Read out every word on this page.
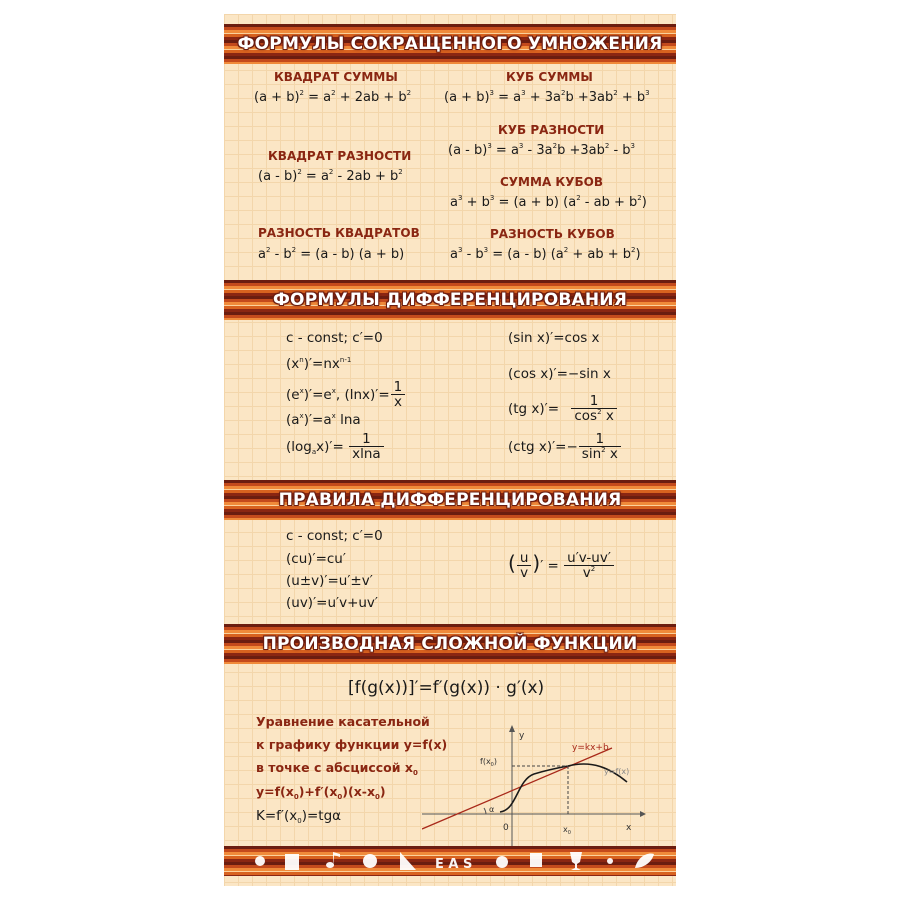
ФОРМУЛЫ СОКРАЩЕННОГО УМНОЖЕНИЯ
КВАДРАТ СУММЫ
$(a + b)^2 = a^2 + 2ab + b^2$
КУБ СУММЫ
$(a + b)^3 = a^3 + 3a^2b +3ab^2 + b^3$
КУБ РАЗНОСТИ
$(a - b)^3 = a^3 - 3a^2b +3ab^2 - b^3$
КВАДРАТ РАЗНОСТИ
$(a - b)^2 = a^2 - 2ab + b^2$
СУММА КУБОВ
$a^3 + b^3 = (a + b)$ ($a^2$ - ab + $b^2$)
РАЗНОСТЬ КВАДРАТОВ
$a^2 - b^2 = (a - b) (a + b)$
РАЗНОСТЬ КУБОВ
$a^3 - b^3 = (a - b) (a^2$ + ab + $b^2$)
ФОРМУЛЫ ДИФФЕРЕНЦИРОВАНИЯ
c - const; c′=0
$(x^n)'=nx^{n-1}$
$(e^x)'=e^x$, $(\ln x)'= \frac{1}{x}$
$(a^x)'=a^x$ lna
$(\log_ax)'= \frac{1}{xlna}$
(sin x)′=cos x
(cos x)′=−sin x
(tg $x)'= \frac{1}{\cos^2 x}$
(ctg $x)'=- \frac{1}{\sin^2 x}$
ПРАВИЛА ДИФФЕРЕНЦИРОВАНИЯ
c - const; c′=0
(cu)′=cu′
(u±v)′=u′±v′
(uv)′=u′v+uv′
( $\frac{u}{v}$ )′ = $\frac{u'v-uv'}{v^2}$
ПРОИЗВОДНАЯ СЛОЖНОЙ ФУНКЦИИ
[f(g(x))]′=f′(g(x)) · g′(x)
Уравнение касательной
к графику функции y=f(x)
в точке с абсциссой $x_0$
$y=f(x_0)+f'(x_0)(x-x_0)$
$K=f'(x_0)=tg\alpha$
y
x
0
y=kx+b
y=f(x)
α
$f(x_0)$
$x_0$
E A S
